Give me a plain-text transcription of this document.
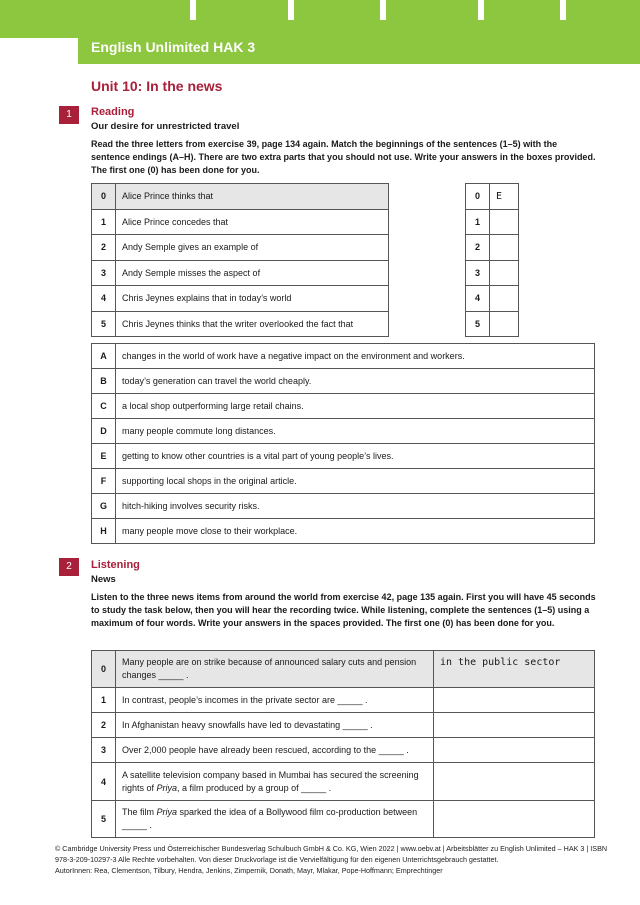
English Unlimited HAK 3
Unit 10: In the news
1	Reading
Our desire for unrestricted travel
Read the three letters from exercise 39, page 134 again. Match the beginnings of the sentences (1–5) with the sentence endings (A–H). There are two extra parts that you should not use. Write your answers in the boxes provided. The first one (0) has been done for you.
0	Alice Prince thinks that
1	Alice Prince concedes that
2	Andy Semple gives an example of
3	Andy Semple misses the aspect of
4	Chris Jeynes explains that in today’s world
5	Chris Jeynes thinks that the writer overlooked the fact that
0	E
1	
2	
3	
4	
5	
A	changes in the world of work have a negative impact on the environment and workers.
B	today’s generation can travel the world cheaply.
C	a local shop outperforming large retail chains.
D	many people commute long distances.
E	getting to know other countries is a vital part of young people’s lives.
F	supporting local shops in the original article.
G	hitch-hiking involves security risks.
H	many people move close to their workplace.
2	Listening
News
Listen to the three news items from around the world from exercise 42, page 135 again. First you will have 45 seconds to study the task below, then you will hear the recording twice. While listening, complete the sentences (1–5) using a maximum of four words. Write your answers in the spaces provided. The first one (0) has been done for you.
0	Many people are on strike because of announced salary cuts and pension changes _____ .	in the public sector
1	In contrast, people’s incomes in the private sector are _____ .	
2	In Afghanistan heavy snowfalls have led to devastating _____ .	
3	Over 2,000 people have already been rescued, according to the _____ .	
4	A satellite television company based in Mumbai has secured the screening rights of Priya, a film produced by a group of _____ .	
5	The film Priya sparked the idea of a Bollywood film co-production between _____ .	
© Cambridge University Press und Österreichischer Bundesverlag Schulbuch GmbH & Co. KG, Wien 2022 | www.oebv.at | Arbeitsblätter zu English Unlimited – HAK 3 | ISBN 978-3-209-10297-3 Alle Rechte vorbehalten. Von dieser Druckvorlage ist die Vervielfältigung für den eigenen Unterrichtsgebrauch gestattet.
AutorInnen: Rea, Clementson, Tilbury, Hendra, Jenkins, Zimpernik, Donath, Mayr, Mlakar, Pope-Hoffmann; Emprechtinger
